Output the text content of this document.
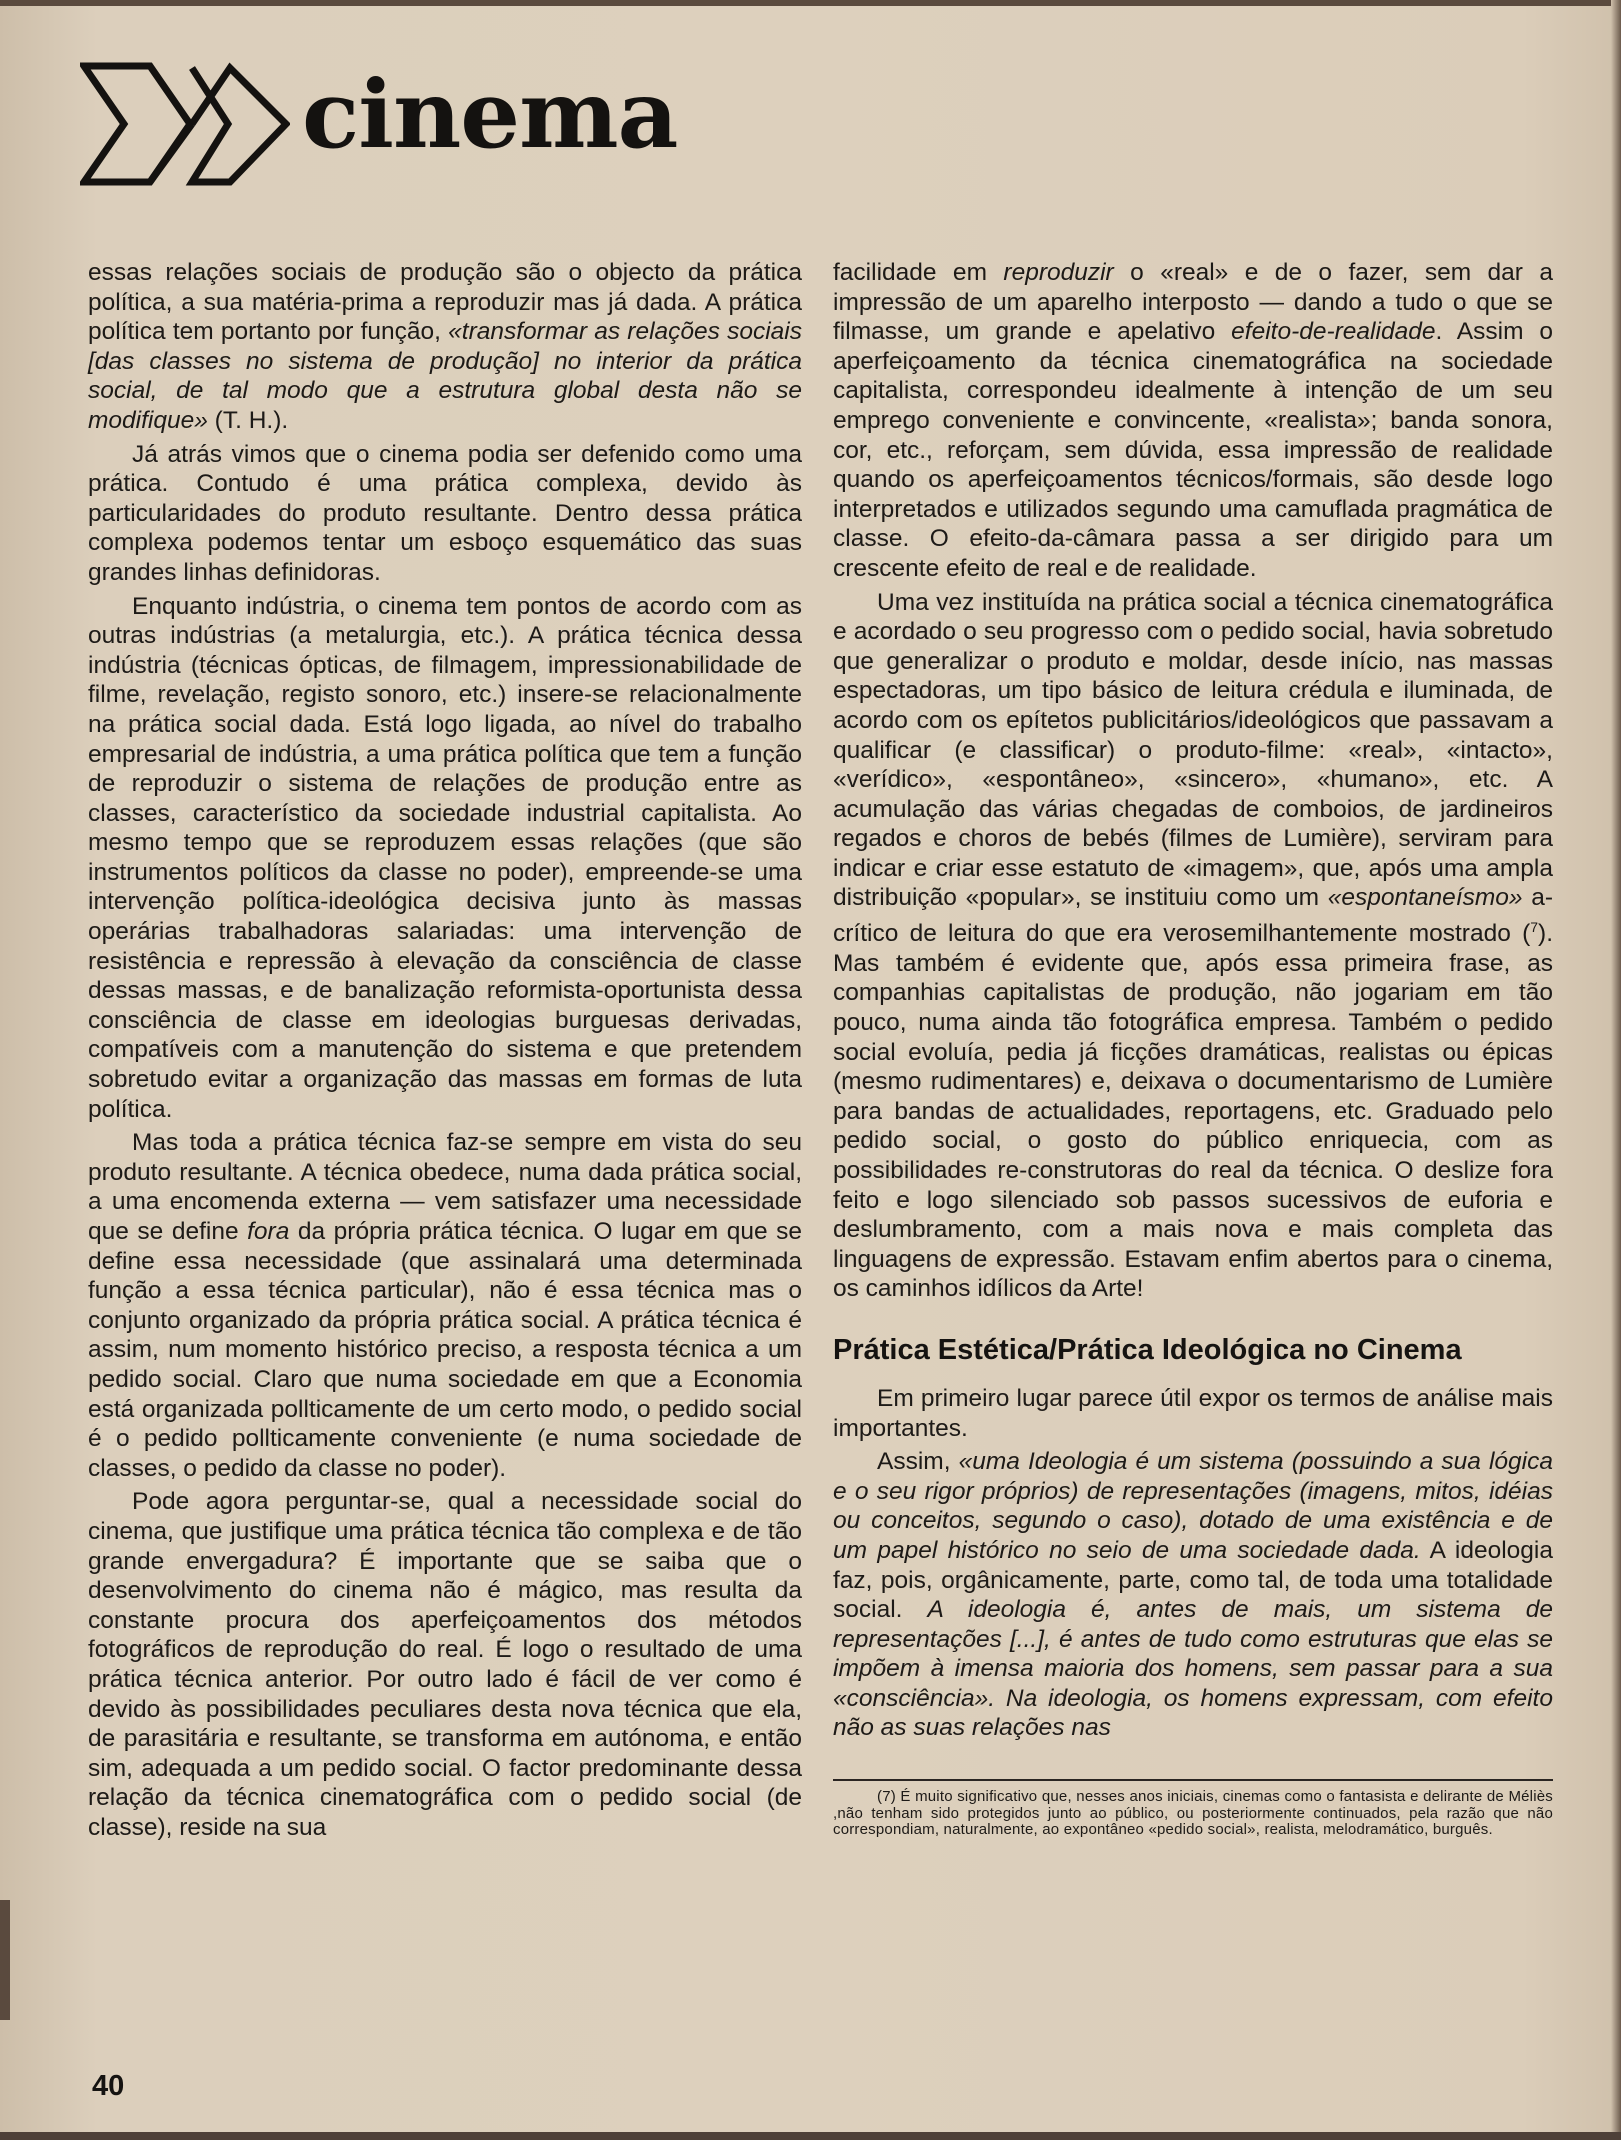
cinema

essas relações sociais de produção são o objecto da prática política, a sua matéria-prima a reproduzir mas já dada. A prática política tem portanto por função, «transformar as relações sociais [das classes no sistema de produção] no interior da prática social, de tal modo que a estrutura global desta não se modifique» (T. H.).

Já atrás vimos que o cinema podia ser defenido como uma prática. Contudo é uma prática complexa, devido às particularidades do produto resultante. Dentro dessa prática complexa podemos tentar um esboço esquemático das suas grandes linhas definidoras.

Enquanto indústria, o cinema tem pontos de acordo com as outras indústrias (a metalurgia, etc.). A prática técnica dessa indústria (técnicas ópticas, de filmagem, impressionabilidade de filme, revelação, registo sonoro, etc.) insere-se relacionalmente na prática social dada. Está logo ligada, ao nível do trabalho empresarial de indústria, a uma prática política que tem a função de reproduzir o sistema de relações de produção entre as classes, característico da sociedade industrial capitalista. Ao mesmo tempo que se reproduzem essas relações (que são instrumentos políticos da classe no poder), empreende-se uma intervenção política-ideológica decisiva junto às massas operárias trabalhadoras salariadas: uma intervenção de resistência e repressão à elevação da consciência de classe dessas massas, e de banalização reformista-oportunista dessa consciência de classe em ideologias burguesas derivadas, compatíveis com a manutenção do sistema e que pretendem sobretudo evitar a organização das massas em formas de luta política.

Mas toda a prática técnica faz-se sempre em vista do seu produto resultante. A técnica obedece, numa dada prática social, a uma encomenda externa — vem satisfazer uma necessidade que se define fora da própria prática técnica. O lugar em que se define essa necessidade (que assinalará uma determinada função a essa técnica particular), não é essa técnica mas o conjunto organizado da própria prática social. A prática técnica é assim, num momento histórico preciso, a resposta técnica a um pedido social. Claro que numa sociedade em que a Economia está organizada pollticamente de um certo modo, o pedido social é o pedido pollticamente conveniente (e numa sociedade de classes, o pedido da classe no poder).

Pode agora perguntar-se, qual a necessidade social do cinema, que justifique uma prática técnica tão complexa e de tão grande envergadura? É importante que se saiba que o desenvolvimento do cinema não é mágico, mas resulta da constante procura dos aperfeiçoamentos dos métodos fotográficos de reprodução do real. É logo o resultado de uma prática técnica anterior. Por outro lado é fácil de ver como é devido às possibilidades peculiares desta nova técnica que ela, de parasitária e resultante, se transforma em autónoma, e então sim, adequada a um pedido social. O factor predominante dessa relação da técnica cinematográfica com o pedido social (de classe), reside na sua

facilidade em reproduzir o «real» e de o fazer, sem dar a impressão de um aparelho interposto — dando a tudo o que se filmasse, um grande e apelativo efeito-de-realidade. Assim o aperfeiçoamento da técnica cinematográfica na sociedade capitalista, correspondeu idealmente à intenção de um seu emprego conveniente e convincente, «realista»; banda sonora, cor, etc., reforçam, sem dúvida, essa impressão de realidade quando os aperfeiçoamentos técnicos/formais, são desde logo interpretados e utilizados segundo uma camuflada pragmática de classe. O efeito-da-câmara passa a ser dirigido para um crescente efeito de real e de realidade.

Uma vez instituída na prática social a técnica cinematográfica e acordado o seu progresso com o pedido social, havia sobretudo que generalizar o produto e moldar, desde início, nas massas espectadoras, um tipo básico de leitura crédula e iluminada, de acordo com os epítetos publicitários/ideológicos que passavam a qualificar (e classificar) o produto-filme: «real», «intacto», «verídico», «espontâneo», «sincero», «humano», etc. A acumulação das várias chegadas de comboios, de jardineiros regados e choros de bebés (filmes de Lumière), serviram para indicar e criar esse estatuto de «imagem», que, após uma ampla distribuição «popular», se instituiu como um «espontaneísmo» a-crítico de leitura do que era verosemilhantemente mostrado ($^7$). Mas também é evidente que, após essa primeira frase, as companhias capitalistas de produção, não jogariam em tão pouco, numa ainda tão fotográfica empresa. Também o pedido social evoluía, pedia já ficções dramáticas, realistas ou épicas (mesmo rudimentares) e, deixava o documentarismo de Lumière para bandas de actualidades, reportagens, etc. Graduado pelo pedido social, o gosto do público enriquecia, com as possibilidades re-construtoras do real da técnica. O deslize fora feito e logo silenciado sob passos sucessivos de euforia e deslumbramento, com a mais nova e mais completa das linguagens de expressão. Estavam enfim abertos para o cinema, os caminhos idílicos da Arte!

Prática Estética/Prática Ideológica no Cinema

Em primeiro lugar parece útil expor os termos de análise mais importantes.

Assim, «uma Ideologia é um sistema (possuindo a sua lógica e o seu rigor próprios) de representações (imagens, mitos, idéias ou conceitos, segundo o caso), dotado de uma existência e de um papel histórico no seio de uma sociedade dada. A ideologia faz, pois, orgânicamente, parte, como tal, de toda uma totalidade social. A ideologia é, antes de mais, um sistema de representações [...], é antes de tudo como estruturas que elas se impõem à imensa maioria dos homens, sem passar para a sua «consciência». Na ideologia, os homens expressam, com efeito não as suas relações nas

(7) É muito significativo que, nesses anos iniciais, cinemas como o fantasista e delirante de Méliès ,não tenham sido protegidos junto ao público, ou posteriormente continuados, pela razão que não correspondiam, naturalmente, ao expontâneo «pedido social», realista, melodramático, burguês.

40
